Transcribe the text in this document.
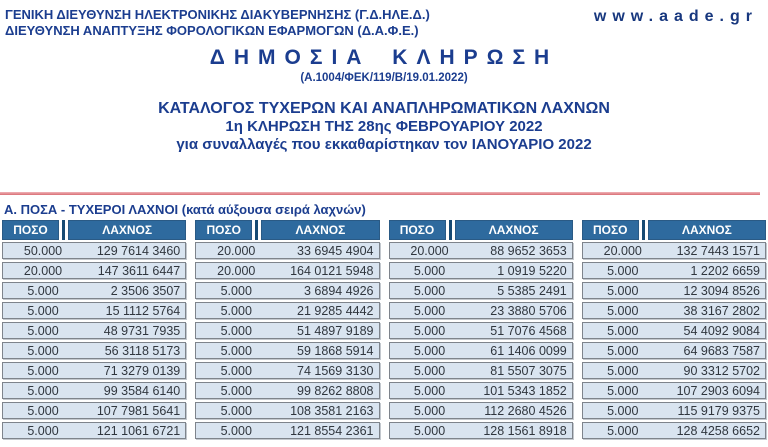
ΓΕΝΙΚΗ ΔΙΕΥΘΥΝΣΗ ΗΛΕΚΤΡΟΝΙΚΗΣ ΔΙΑΚΥΒΕΡΝΗΣΗΣ (Γ.Δ.ΗΛΕ.Δ.)
ΔΙΕΥΘΥΝΣΗ ΑΝΑΠΤΥΞΗΣ ΦΟΡΟΛΟΓΙΚΩΝ ΕΦΑΡΜΟΓΩΝ (Δ.Α.Φ.Ε.)
www.aade.gr
ΔΗΜΟΣΙΑ ΚΛΗΡΩΣΗ
(Α.1004/ΦΕΚ/119/Β/19.01.2022)
ΚΑΤΑΛΟΓΟΣ ΤΥΧΕΡΩΝ ΚΑΙ ΑΝΑΠΛΗΡΩΜΑΤΙΚΩΝ ΛΑΧΝΩΝ
1η ΚΛΗΡΩΣΗ ΤΗΣ 28ης ΦΕΒΡΟΥΑΡΙΟΥ 2022
για συναλλαγές που εκκαθαρίστηκαν τον ΙΑΝΟΥΑΡΙΟ 2022
Α. ΠΟΣΑ - ΤΥΧΕΡΟΙ ΛΑΧΝΟΙ (κατά αύξουσα σειρά λαχνών)
ΠΟΣΟ	ΛΑΧΝΟΣ	ΠΟΣΟ	ΛΑΧΝΟΣ	ΠΟΣΟ	ΛΑΧΝΟΣ	ΠΟΣΟ	ΛΑΧΝΟΣ
50.000	129 7614 3460	20.000	33 6945 4904	20.000	88 9652 3653	20.000	132 7443 1571
20.000	147 3611 6447	20.000	164 0121 5948	5.000	1 0919 5220	5.000	1 2202 6659
5.000	2 3506 3507	5.000	3 6894 4926	5.000	5 5385 2491	5.000	12 3094 8526
5.000	15 1112 5764	5.000	21 9285 4442	5.000	23 3880 5706	5.000	38 3167 2802
5.000	48 9731 7935	5.000	51 4897 9189	5.000	51 7076 4568	5.000	54 4092 9084
5.000	56 3118 5173	5.000	59 1868 5914	5.000	61 1406 0099	5.000	64 9683 7587
5.000	71 3279 0139	5.000	74 1569 3130	5.000	81 5507 3075	5.000	90 3312 5702
5.000	99 3584 6140	5.000	99 8262 8808	5.000	101 5343 1852	5.000	107 2903 6094
5.000	107 7981 5641	5.000	108 3581 2163	5.000	112 2680 4526	5.000	115 9179 9375
5.000	121 1061 6721	5.000	121 8554 2361	5.000	128 1561 8918	5.000	128 4258 6652
